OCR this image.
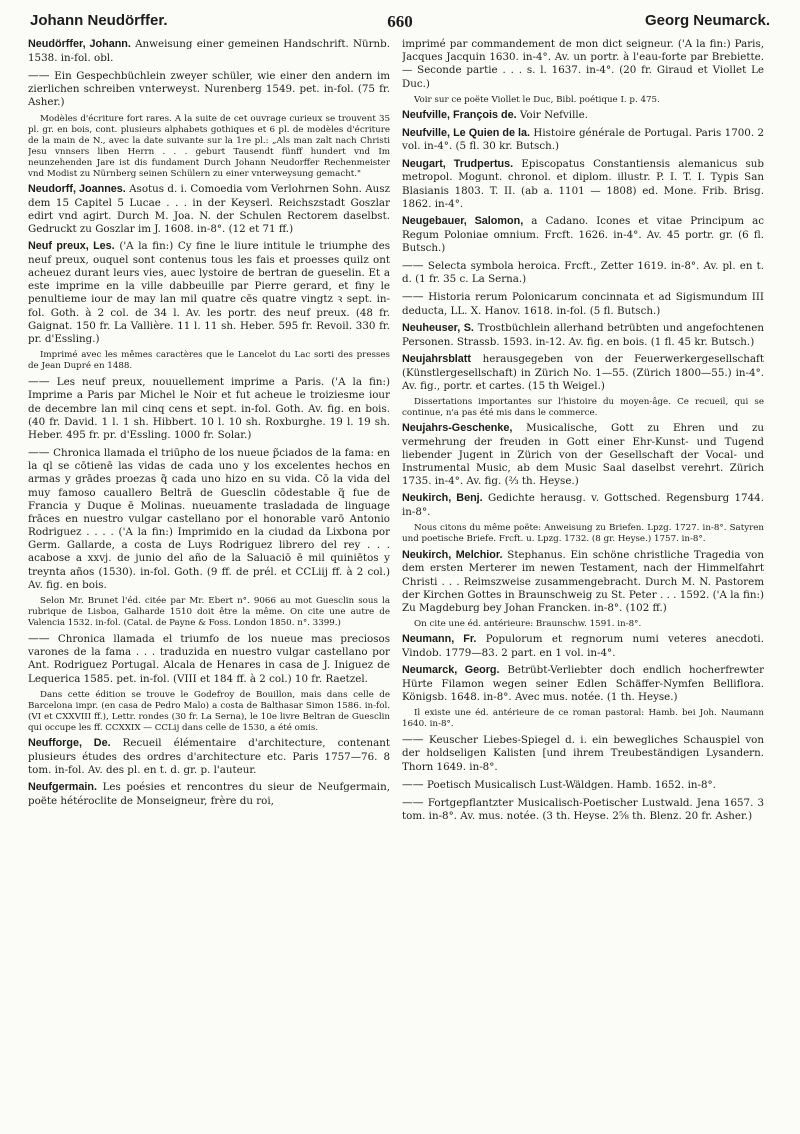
Johann Neudörffer.	660	Georg Neumarck.

Neudörffer, Johann. Anweisung einer gemeinen Handschrift. Nürnb. 1538. in-fol. obl.

—— Ein Gespechbüchlein zweyer schüler, wie einer den andern im zierlichen schreiben vnterweyst. Nurenberg 1549. pet. in-fol. (75 fr. Asher.)

Modèles d'écriture fort rares. A la suite de cet ouvrage curieux se trouvent 35 pl. gr. en bois, cont. plusieurs alphabets gothiques et 6 pl. de modèles d'écriture de la main de N., avec la date suivante sur la 1re pl.: „Als man zalt nach Christi Jesu vnnsers liben Herrn . . . geburt Tausendt fünff hundert vnd Im neunzehenden Jare ist dis fundament Durch Johann Neudorffer Rechenmeister vnd Modist zu Nürnberg seinen Schülern zu einer vnterweysung gemacht."

Neudorff, Joannes. Asotus d. i. Comoedia vom Verlohrnen Sohn. Ausz dem 15 Capitel 5 Lucae . . . in der Keyserl. Reichszstadt Goszlar edirt vnd agirt. Durch M. Joa. N. der Schulen Rectorem daselbst. Gedruckt zu Goszlar im J. 1608. in-8°. (12 et 71 ff.)

Neuf preux, Les. ('A la fin:) Cy fine le liure intitule le triumphe des neuf preux, ouquel sont contenus tous les fais et proesses quilz ont acheuez durant leurs vies, auec lystoire de bertran de gueselin. Et a este imprime en la ville dabbeuille par Pierre gerard, et finy le penultieme iour de may lan mil quatre cēs quatre vingtz ꝛ sept. in-fol. Goth. à 2 col. de 34 l. Av. les portr. des neuf preux. (48 fr. Gaignat. 150 fr. La Vallière. 11 l. 11 sh. Heber. 595 fr. Revoil. 330 fr. pr. d'Essling.)

Imprimé avec les mêmes caractères que le Lancelot du Lac sorti des presses de Jean Dupré en 1488.

—— Les neuf preux, nouuellement imprime a Paris. ('A la fin:) Imprime a Paris par Michel le Noir et fut acheue le troiziesme iour de decembre lan mil cinq cens et sept. in-fol. Goth. Av. fig. en bois. (40 fr. David. 1 l. 1 sh. Hibbert. 10 l. 10 sh. Roxburghe. 19 l. 19 sh. Heber. 495 fr. pr. d'Essling. 1000 fr. Solar.)

—— Chronica llamada el triūpho de los nueue p̃ciados de la fama: en la ql se cōtienē las vidas de cada uno y los excelentes hechos en armas y grādes proezas q̃ cada uno hizo en su vida. Cō la vida del muy famoso cauallero Beltrā de Guesclin cōdestable q̃ fue de Francia y Duque ē Molinas. nueuamente trasladada de linguage frāces en nuestro vulgar castellano por el honorable varō Antonio Rodriguez . . . . ('A la fin:) Imprimido en la ciudad da Lixbona por Germ. Gallarde, a costa de Luys Rodriguez librero del rey . . . acabose a xxvj. de junio del año de la Saluaciō ē mil quiniētos y treynta años (1530). in-fol. Goth. (9 ff. de prél. et CCLiij ff. à 2 col.) Av. fig. en bois.

Selon Mr. Brunet l'éd. citée par Mr. Ebert n°. 9066 au mot Guesclin sous la rubrique de Lisboa, Galharde 1510 doit être la même. On cite une autre de Valencia 1532. in-fol. (Catal. de Payne & Foss. London 1850. n°. 3399.)

—— Chronica llamada el triumfo de los nueue mas preciosos varones de la fama . . . traduzida en nuestro vulgar castellano por Ant. Rodriguez Portugal. Alcala de Henares in casa de J. Iniguez de Lequerica 1585. pet. in-fol. (VIII et 184 ff. à 2 col.) 10 fr. Raetzel.

Dans cette édition se trouve le Godefroy de Bouillon, mais dans celle de Barcelona impr. (en casa de Pedro Malo) a costa de Balthasar Simon 1586. in-fol. (VI et CXXVIII ff.), Lettr. rondes (30 fr. La Serna), le 10e livre Beltran de Guesclin qui occupe les ff. CCXXIX — CCLij dans celle de 1530, a été omis.

Neufforge, De. Recueil élémentaire d'architecture, contenant plusieurs études des ordres d'architecture etc. Paris 1757—76. 8 tom. in-fol. Av. des pl. en t. d. gr. p. l'auteur.

Neufgermain. Les poésies et rencontres du sieur de Neufgermain, poëte hétéroclite de Monseigneur, frère du roi,

imprimé par commandement de mon dict seigneur. ('A la fin:) Paris, Jacques Jacquin 1630. in-4°. Av. un portr. à l'eau-forte par Brebiette. — Seconde partie . . . s. l. 1637. in-4°. (20 fr. Giraud et Viollet Le Duc.)

Voir sur ce poëte Viollet le Duc, Bibl. poétique I. p. 475.

Neufville, François de. Voir Nefville.

Neufville, Le Quien de la. Histoire générale de Portugal. Paris 1700. 2 vol. in-4°. (5 fl. 30 kr. Butsch.)

Neugart, Trudpertus. Episcopatus Constantiensis alemanicus sub metropol. Mogunt. chronol. et diplom. illustr. P. I. T. I. Typis San Blasianis 1803. T. II. (ab a. 1101 — 1808) ed. Mone. Frib. Brisg. 1862. in-4°.

Neugebauer, Salomon, a Cadano. Icones et vitae Principum ac Regum Poloniae omnium. Frcft. 1626. in-4°. Av. 45 portr. gr. (6 fl. Butsch.)

—— Selecta symbola heroica. Frcft., Zetter 1619. in-8°. Av. pl. en t. d. (1 fr. 35 c. La Serna.)

—— Historia rerum Polonicarum concinnata et ad Sigismundum III deducta, LL. X. Hanov. 1618. in-fol. (5 fl. Butsch.)

Neuheuser, S. Trostbüchlein allerhand betrübten und angefochtenen Personen. Strassb. 1593. in-12. Av. fig. en bois. (1 fl. 45 kr. Butsch.)

Neujahrsblatt herausgegeben von der Feuerwerkergesellschaft (Künstlergesellschaft) in Zürich No. 1—55. (Zürich 1800—55.) in-4°. Av. fig., portr. et cartes. (15 th Weigel.)

Dissertations importantes sur l'histoire du moyen-âge. Ce recueil, qui se continue, n'a pas été mis dans le commerce.

Neujahrs-Geschenke, Musicalische, Gott zu Ehren und zu vermehrung der freuden in Gott einer Ehr-Kunst- und Tugend liebender Jugent in Zürich von der Gesellschaft der Vocal- und Instrumental Music, ab dem Music Saal daselbst verehrt. Zürich 1735. in-4°. Av. fig. (⅔ th. Heyse.)

Neukirch, Benj. Gedichte herausg. v. Gottsched. Regensburg 1744. in-8°.

Nous citons du même poëte: Anweisung zu Briefen. Lpzg. 1727. in-8°. Satyren und poetische Briefe. Frcft. u. Lpzg. 1732. (8 gr. Heyse.) 1757. in-8°.

Neukirch, Melchior. Stephanus. Ein schöne christliche Tragedia von dem ersten Merterer im newen Testament, nach der Himmelfahrt Christi . . . Reimszweise zusammengebracht. Durch M. N. Pastorem der Kirchen Gottes in Braunschweig zu St. Peter . . . 1592. ('A la fin:) Zu Magdeburg bey Johan Francken. in-8°. (102 ff.)

On cite une éd. antérieure: Braunschw. 1591. in-8°.

Neumann, Fr. Populorum et regnorum numi veteres anecdoti. Vindob. 1779—83. 2 part. en 1 vol. in-4°.

Neumarck, Georg. Betrübt-Verliebter doch endlich hocherfrewter Hürte Filamon wegen seiner Edlen Schäffer-Nymfen Belliflora. Königsb. 1648. in-8°. Avec mus. notée. (1 th. Heyse.)

Il existe une éd. antérieure de ce roman pastoral: Hamb. bei Joh. Naumann 1640. in-8°.

—— Keuscher Liebes-Spiegel d. i. ein bewegliches Schauspiel von der holdseligen Kalisten [und ihrem Treubeständigen Lysandern. Thorn 1649. in-8°.

—— Poetisch Musicalisch Lust-Wäldgen. Hamb. 1652. in-8°.

—— Fortgepflantzter Musicalisch-Poetischer Lustwald. Jena 1657. 3 tom. in-8°. Av. mus. notée. (3 th. Heyse. 2⅝ th. Blenz. 20 fr. Asher.)
